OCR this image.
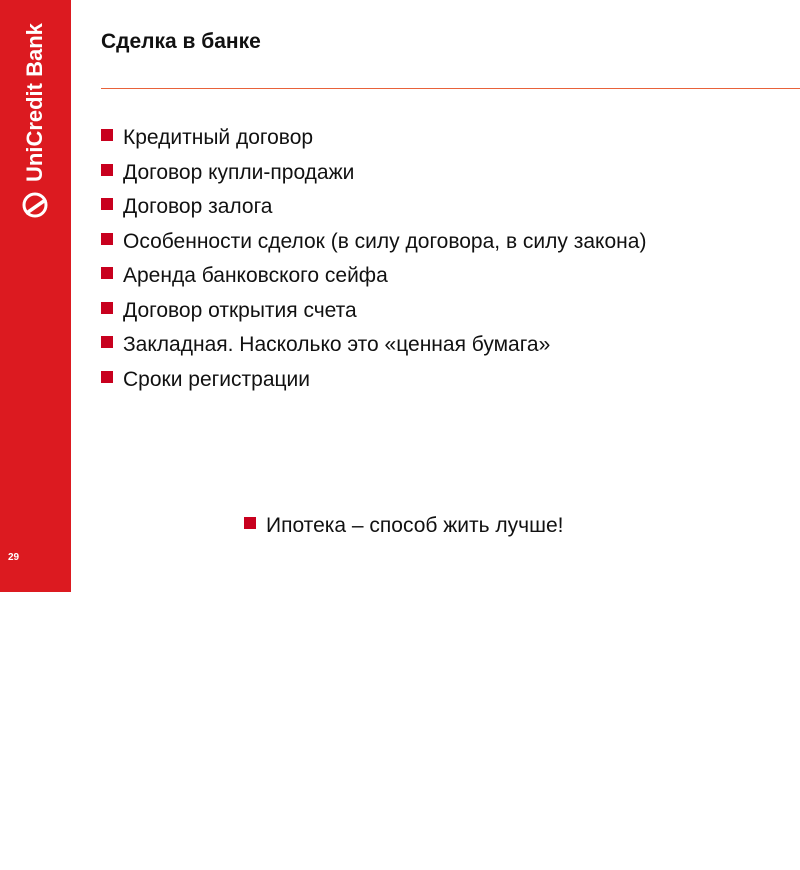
UniCredit Bank
ЮниКредит Банк
29
Сделка в банке
Кредитный договор
Договор купли-продажи
Договор залога
Особенности сделок (в силу договора, в силу закона)
Аренда банковского сейфа
Договор открытия счета
Закладная. Насколько это «ценная бумага»
Сроки регистрации
Ипотека – способ жить лучше!
